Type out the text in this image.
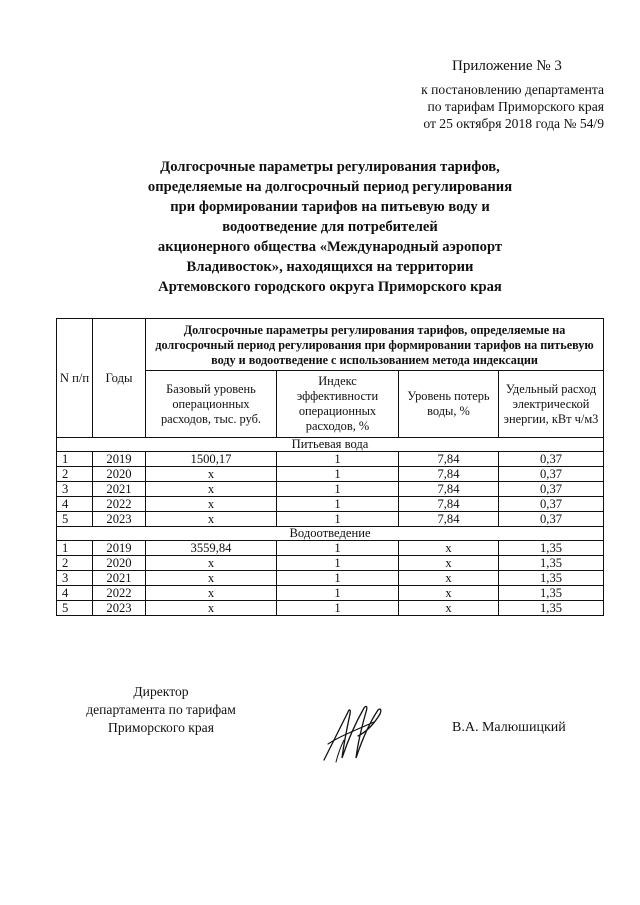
Приложение № 3
к постановлению департамента
по тарифам Приморского края
от 25 октября 2018 года № 54/9
Долгосрочные параметры регулирования тарифов,
определяемые на долгосрочный период регулирования
при формировании тарифов на питьевую воду и
водоотведение для потребителей
акционерного общества «Международный аэропорт
Владивосток», находящихся на территории
Артемовского городского округа Приморского края
N п/п	Годы	Долгосрочные параметры регулирования тарифов, определяемые на долгосрочный период регулирования при формировании тарифов на питьевую воду и водоотведение с использованием метода индексации			
		Базовый уровень операционных расходов, тыс. руб.	Индекс эффективности операционных расходов, %	Уровень потерь воды, %	Удельный расход электрической энергии, кВт ч/м3
Питьевая вода					
1	2019	1500,17	1	7,84	0,37
2	2020	x	1	7,84	0,37
3	2021	x	1	7,84	0,37
4	2022	x	1	7,84	0,37
5	2023	x	1	7,84	0,37
Водоотведение					
1	2019	3559,84	1	x	1,35
2	2020	x	1	x	1,35
3	2021	x	1	x	1,35
4	2022	x	1	x	1,35
5	2023	x	1	x	1,35
Директор
департамента по тарифам
Приморского края	В.А. Малюшицкий
